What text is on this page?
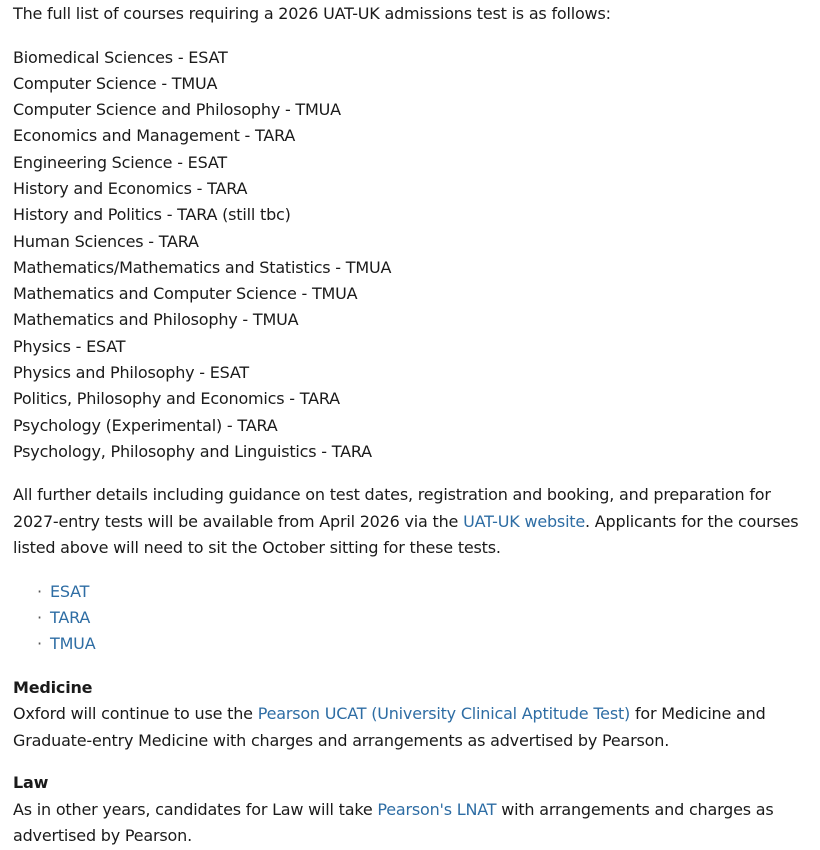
The full list of courses requiring a 2026 UAT-UK admissions test is as follows:

Biomedical Sciences - ESAT
Computer Science - TMUA
Computer Science and Philosophy - TMUA
Economics and Management - TARA
Engineering Science - ESAT
History and Economics - TARA
History and Politics - TARA (still tbc)
Human Sciences - TARA
Mathematics/Mathematics and Statistics - TMUA
Mathematics and Computer Science - TMUA
Mathematics and Philosophy - TMUA
Physics - ESAT
Physics and Philosophy - ESAT
Politics, Philosophy and Economics - TARA
Psychology (Experimental) - TARA
Psychology, Philosophy and Linguistics - TARA

All further details including guidance on test dates, registration and booking, and preparation for 2027-entry tests will be available from April 2026 via the UAT-UK website. Applicants for the courses listed above will need to sit the October sitting for these tests.

· ESAT
· TARA
· TMUA
Medicine

Oxford will continue to use the Pearson UCAT (University Clinical Aptitude Test) for Medicine and Graduate-entry Medicine with charges and arrangements as advertised by Pearson.

Law

As in other years, candidates for Law will take Pearson's LNAT with arrangements and charges as advertised by Pearson.
